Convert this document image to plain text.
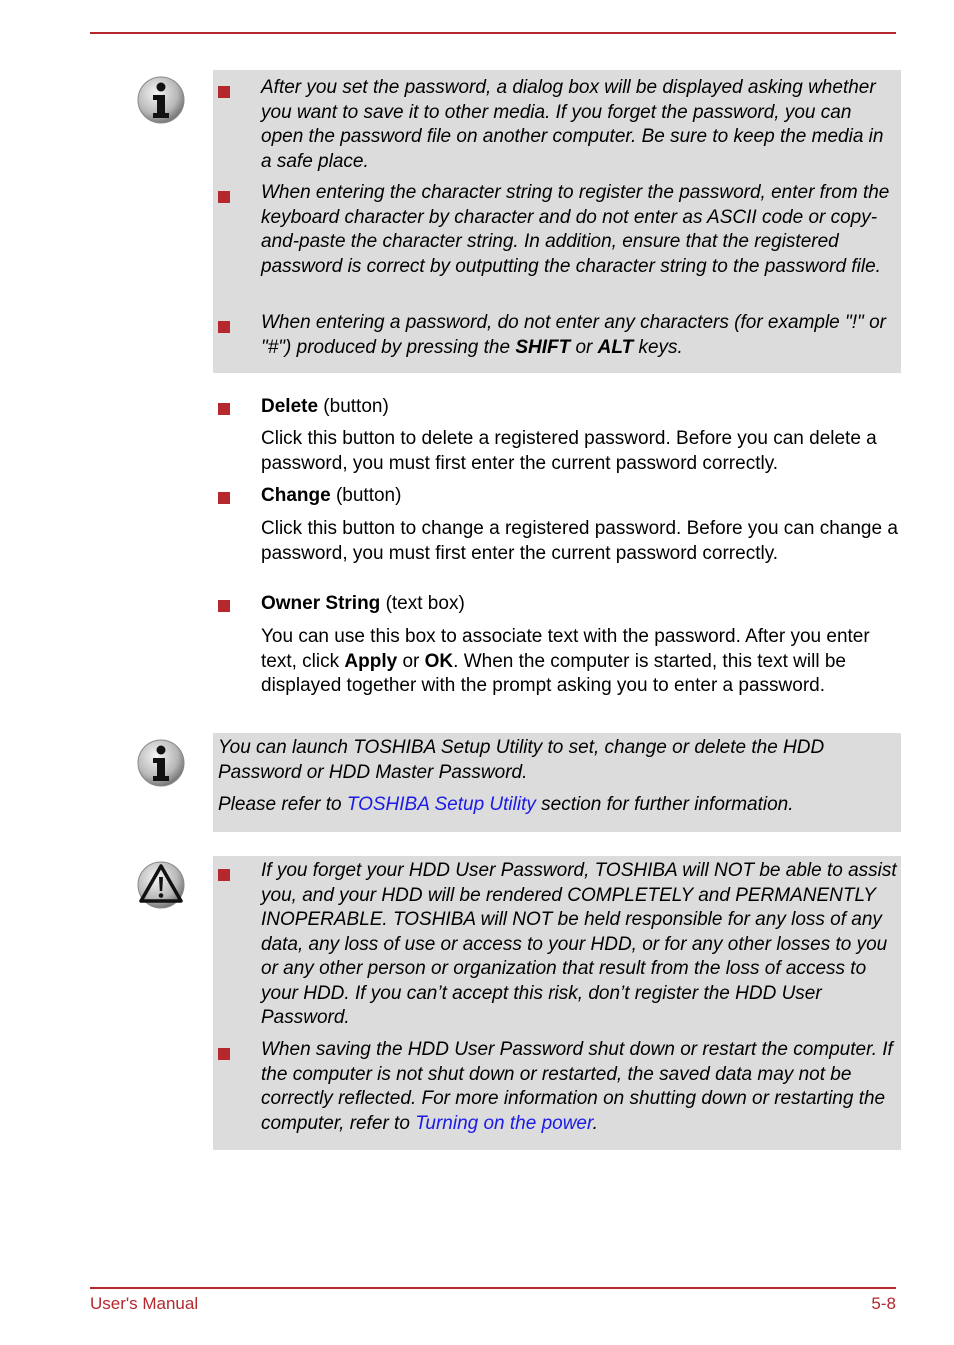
After you set the password, a dialog box will be displayed asking whether you want to save it to other media. If you forget the password, you can open the password file on another computer. Be sure to keep the media in a safe place.
When entering the character string to register the password, enter from the keyboard character by character and do not enter as ASCII code or copy-and-paste the character string. In addition, ensure that the registered password is correct by outputting the character string to the password file.
When entering a password, do not enter any characters (for example "!" or "#") produced by pressing the SHIFT or ALT keys.
Delete (button)
Click this button to delete a registered password. Before you can delete a password, you must first enter the current password correctly.
Change (button)
Click this button to change a registered password. Before you can change a password, you must first enter the current password correctly.
Owner String (text box)
You can use this box to associate text with the password. After you enter text, click Apply or OK. When the computer is started, this text will be displayed together with the prompt asking you to enter a password.
You can launch TOSHIBA Setup Utility to set, change or delete the HDD Password or HDD Master Password.
Please refer to TOSHIBA Setup Utility section for further information.
If you forget your HDD User Password, TOSHIBA will NOT be able to assist you, and your HDD will be rendered COMPLETELY and PERMANENTLY INOPERABLE. TOSHIBA will NOT be held responsible for any loss of any data, any loss of use or access to your HDD, or for any other losses to you or any other person or organization that result from the loss of access to your HDD. If you can’t accept this risk, don’t register the HDD User Password.
When saving the HDD User Password shut down or restart the computer. If the computer is not shut down or restarted, the saved data may not be correctly reflected. For more information on shutting down or restarting the computer, refer to Turning on the power.
User's Manual	5-8
